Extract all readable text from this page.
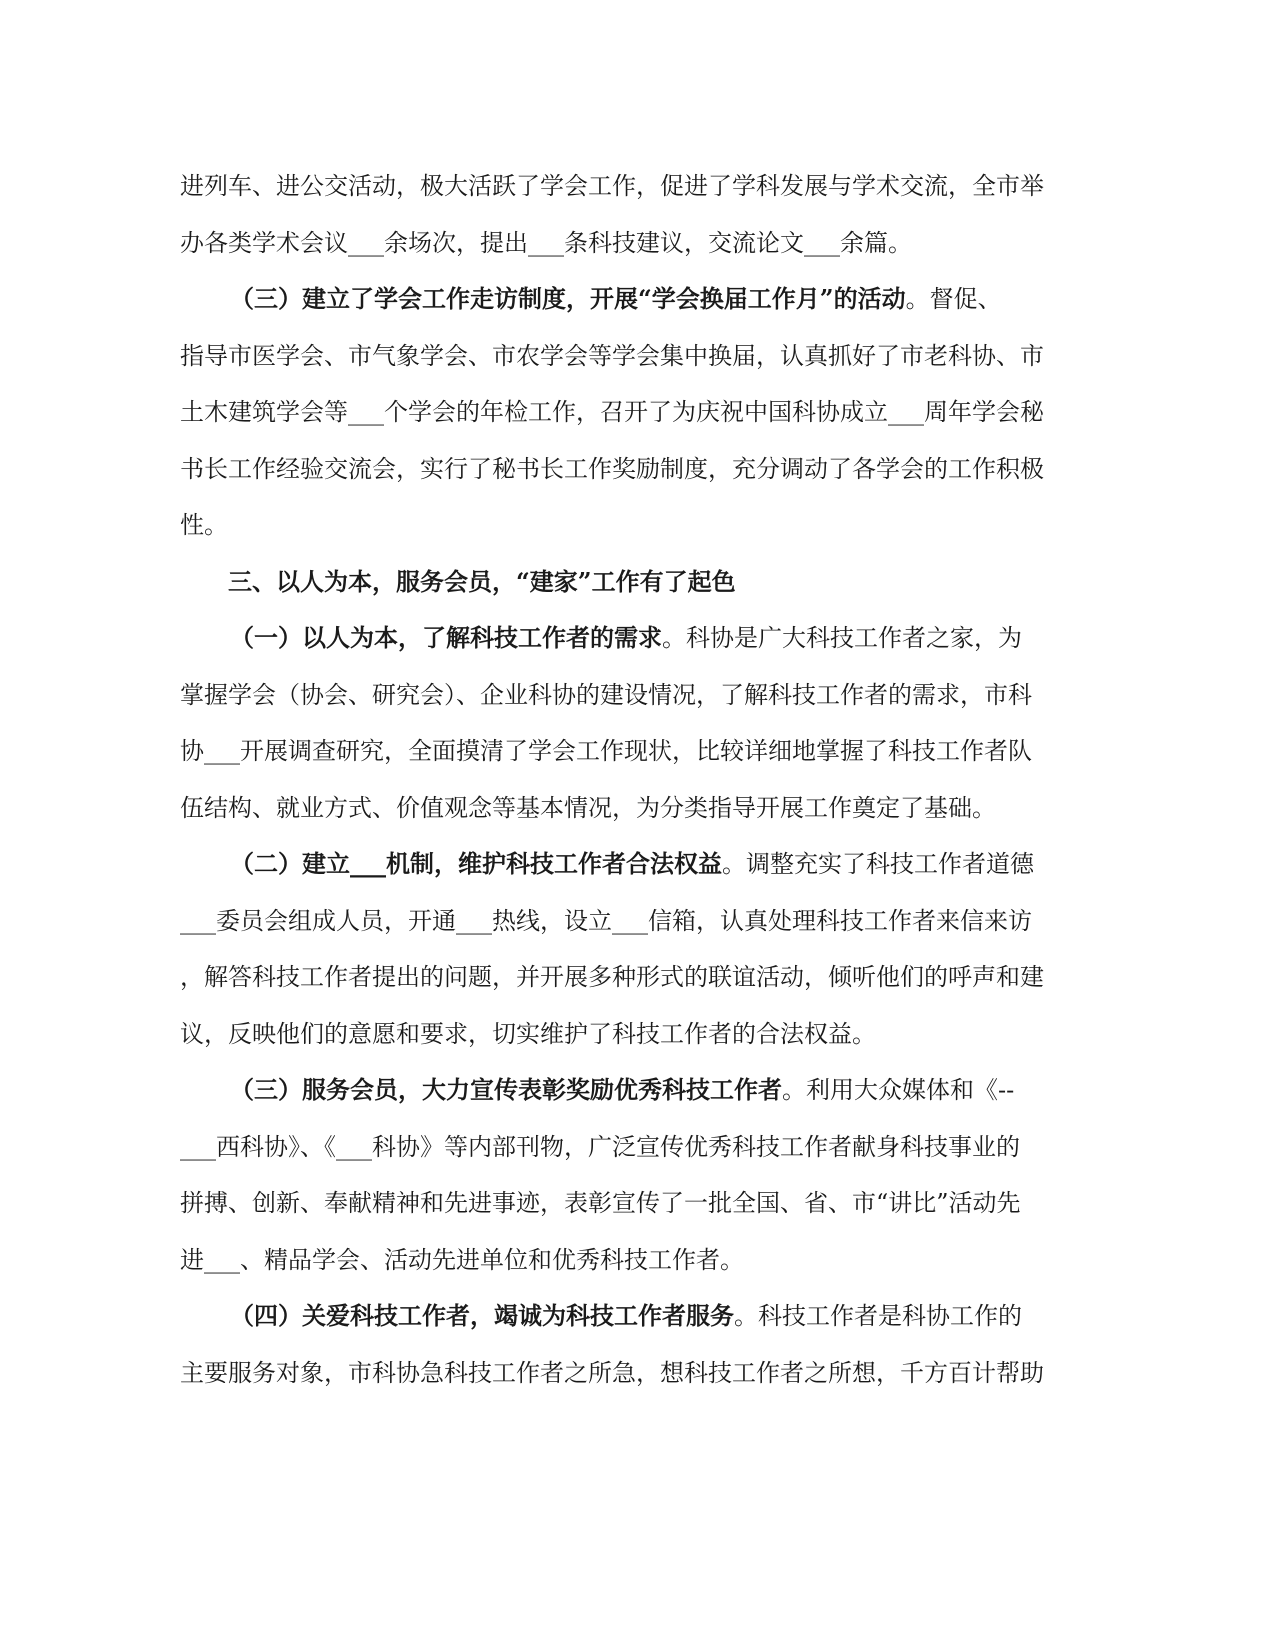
进列车、进公交活动，极大活跃了学会工作，促进了学科发展与学术交流，全市举
办各类学术会议___余场次，提出___条科技建议，交流论文___余篇。

（三）建立了学会工作走访制度，开展“学会换届工作月”的活动。督促、
指导市医学会、市气象学会、市农学会等学会集中换届，认真抓好了市老科协、市
土木建筑学会等___个学会的年检工作，召开了为庆祝中国科协成立___周年学会秘
书长工作经验交流会，实行了秘书长工作奖励制度，充分调动了各学会的工作积极
性。

三、以人为本，服务会员，“建家”工作有了起色

（一）以人为本，了解科技工作者的需求。科协是广大科技工作者之家，为
掌握学会（协会、研究会）、企业科协的建设情况，了解科技工作者的需求，市科
协___开展调查研究，全面摸清了学会工作现状，比较详细地掌握了科技工作者队
伍结构、就业方式、价值观念等基本情况，为分类指导开展工作奠定了基础。

（二）建立___机制，维护科技工作者合法权益。调整充实了科技工作者道德
___委员会组成人员，开通___热线，设立___信箱，认真处理科技工作者来信来访
，解答科技工作者提出的问题，并开展多种形式的联谊活动，倾听他们的呼声和建
议，反映他们的意愿和要求，切实维护了科技工作者的合法权益。

（三）服务会员，大力宣传表彰奖励优秀科技工作者。利用大众媒体和《--
___西科协》、《___科协》等内部刊物，广泛宣传优秀科技工作者献身科技事业的
拼搏、创新、奉献精神和先进事迹，表彰宣传了一批全国、省、市“讲比”活动先
进___、精品学会、活动先进单位和优秀科技工作者。

（四）关爱科技工作者，竭诚为科技工作者服务。科技工作者是科协工作的
主要服务对象，市科协急科技工作者之所急，想科技工作者之所想，千方百计帮助
